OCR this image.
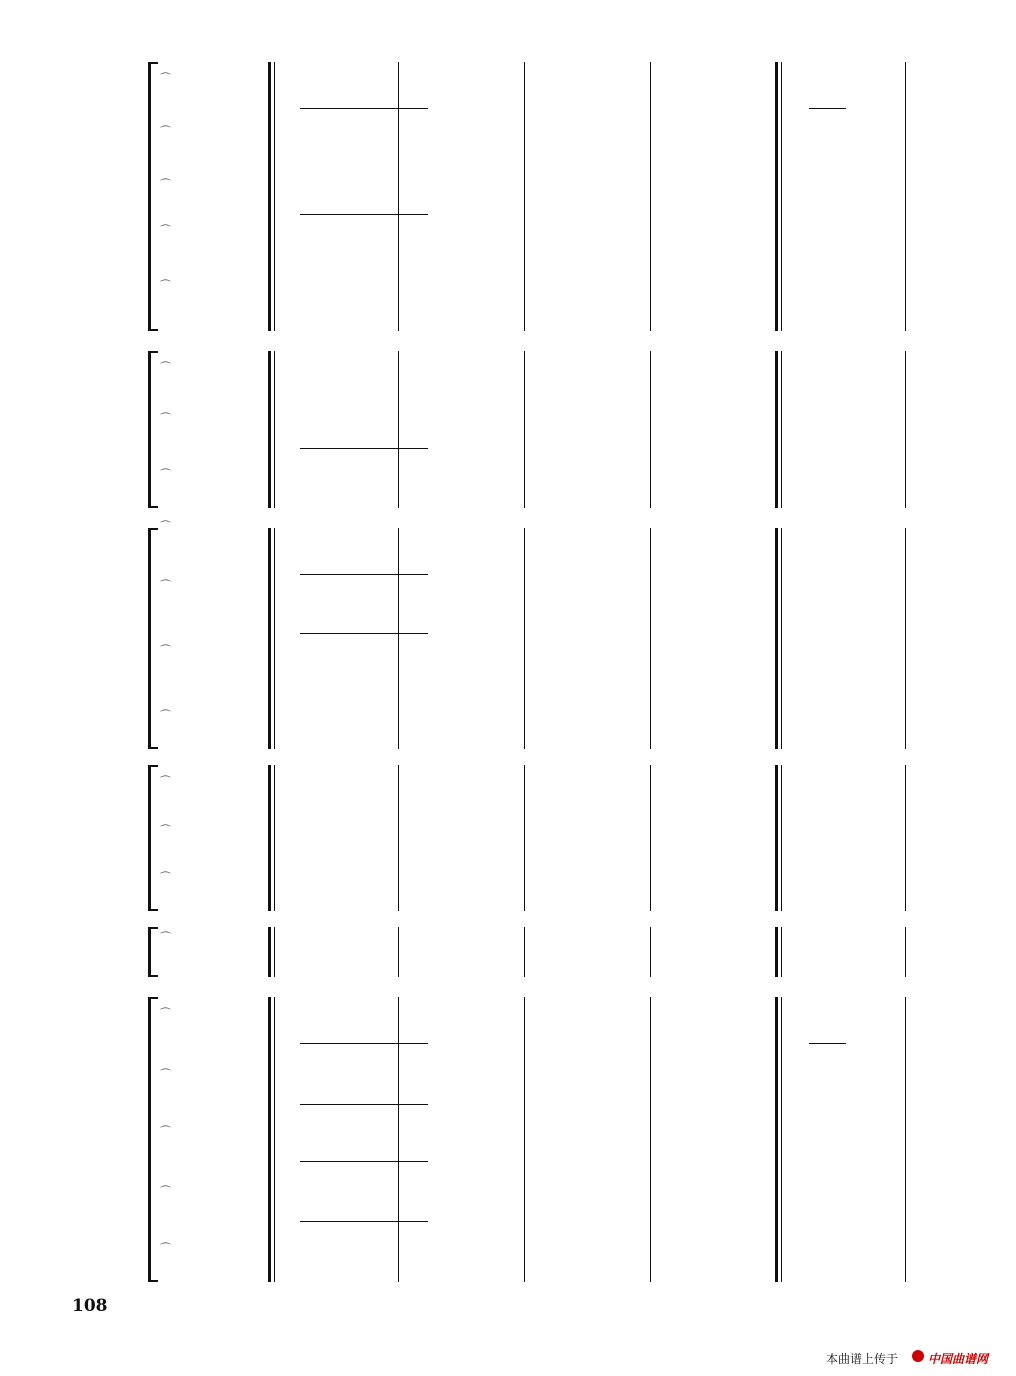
⌒
⌒
⌒
⌒
⌒
⌒
⌒
⌒
⌒
⌒
⌒
⌒
⌒
⌒
⌒
⌒
⌒
⌒
⌒
⌒
⌒
108
本曲谱上传于 中国曲谱网
